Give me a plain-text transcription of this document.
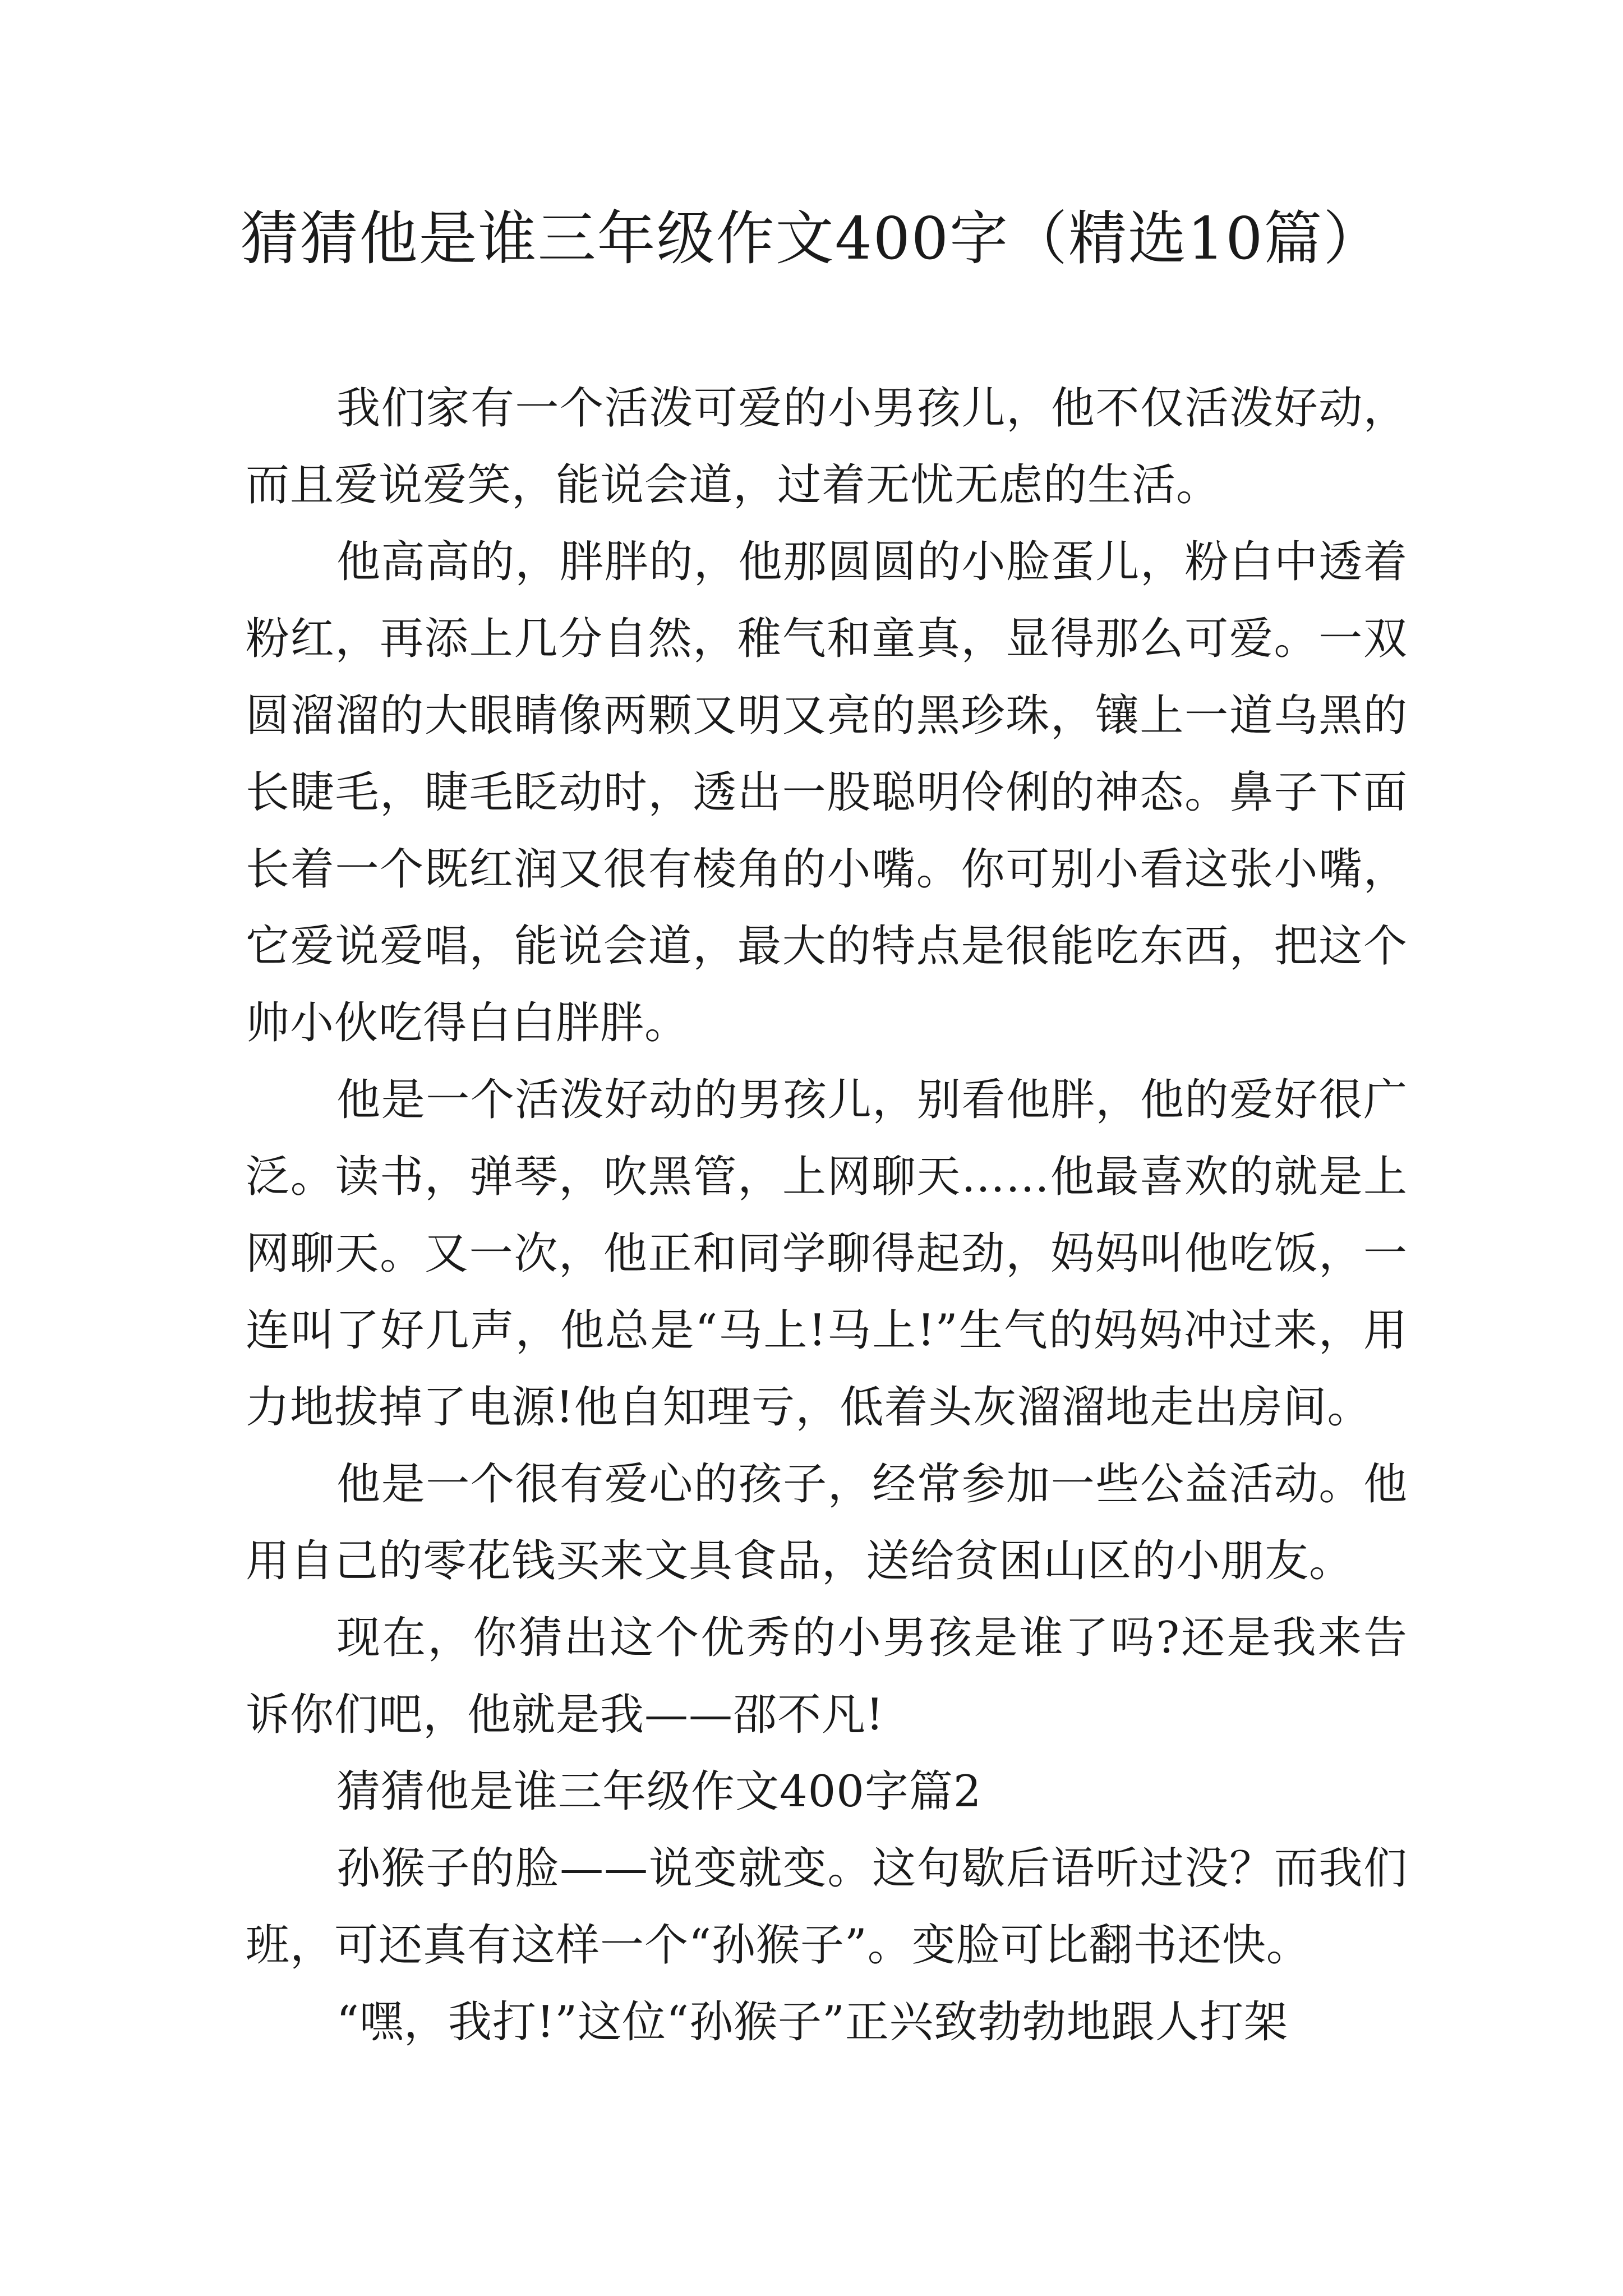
猜猜他是谁三年级作文400字（精选10篇）

我们家有一个活泼可爱的小男孩儿，他不仅活泼好动，而且爱说爱笑，能说会道，过着无忧无虑的生活。

他高高的，胖胖的，他那圆圆的小脸蛋儿，粉白中透着粉红，再添上几分自然，稚气和童真，显得那么可爱。一双圆溜溜的大眼睛像两颗又明又亮的黑珍珠，镶上一道乌黑的长睫毛，睫毛眨动时，透出一股聪明伶俐的神态。鼻子下面长着一个既红润又很有棱角的小嘴。你可别小看这张小嘴，它爱说爱唱，能说会道，最大的特点是很能吃东西，把这个帅小伙吃得白白胖胖。

他是一个活泼好动的男孩儿，别看他胖，他的爱好很广泛。读书，弹琴，吹黑管，上网聊天……他最喜欢的就是上网聊天。又一次，他正和同学聊得起劲，妈妈叫他吃饭，一连叫了好几声，他总是“马上!马上!”生气的妈妈冲过来，用力地拔掉了电源!他自知理亏，低着头灰溜溜地走出房间。

他是一个很有爱心的孩子，经常参加一些公益活动。他用自己的零花钱买来文具食品，送给贫困山区的小朋友。

现在，你猜出这个优秀的小男孩是谁了吗?还是我来告诉你们吧，他就是我——邵不凡!

猜猜他是谁三年级作文400字篇2

孙猴子的脸——说变就变。这句歇后语听过没？而我们班，可还真有这样一个“孙猴子”。变脸可比翻书还快。

“嘿，我打!”这位“孙猴子”正兴致勃勃地跟人打架
